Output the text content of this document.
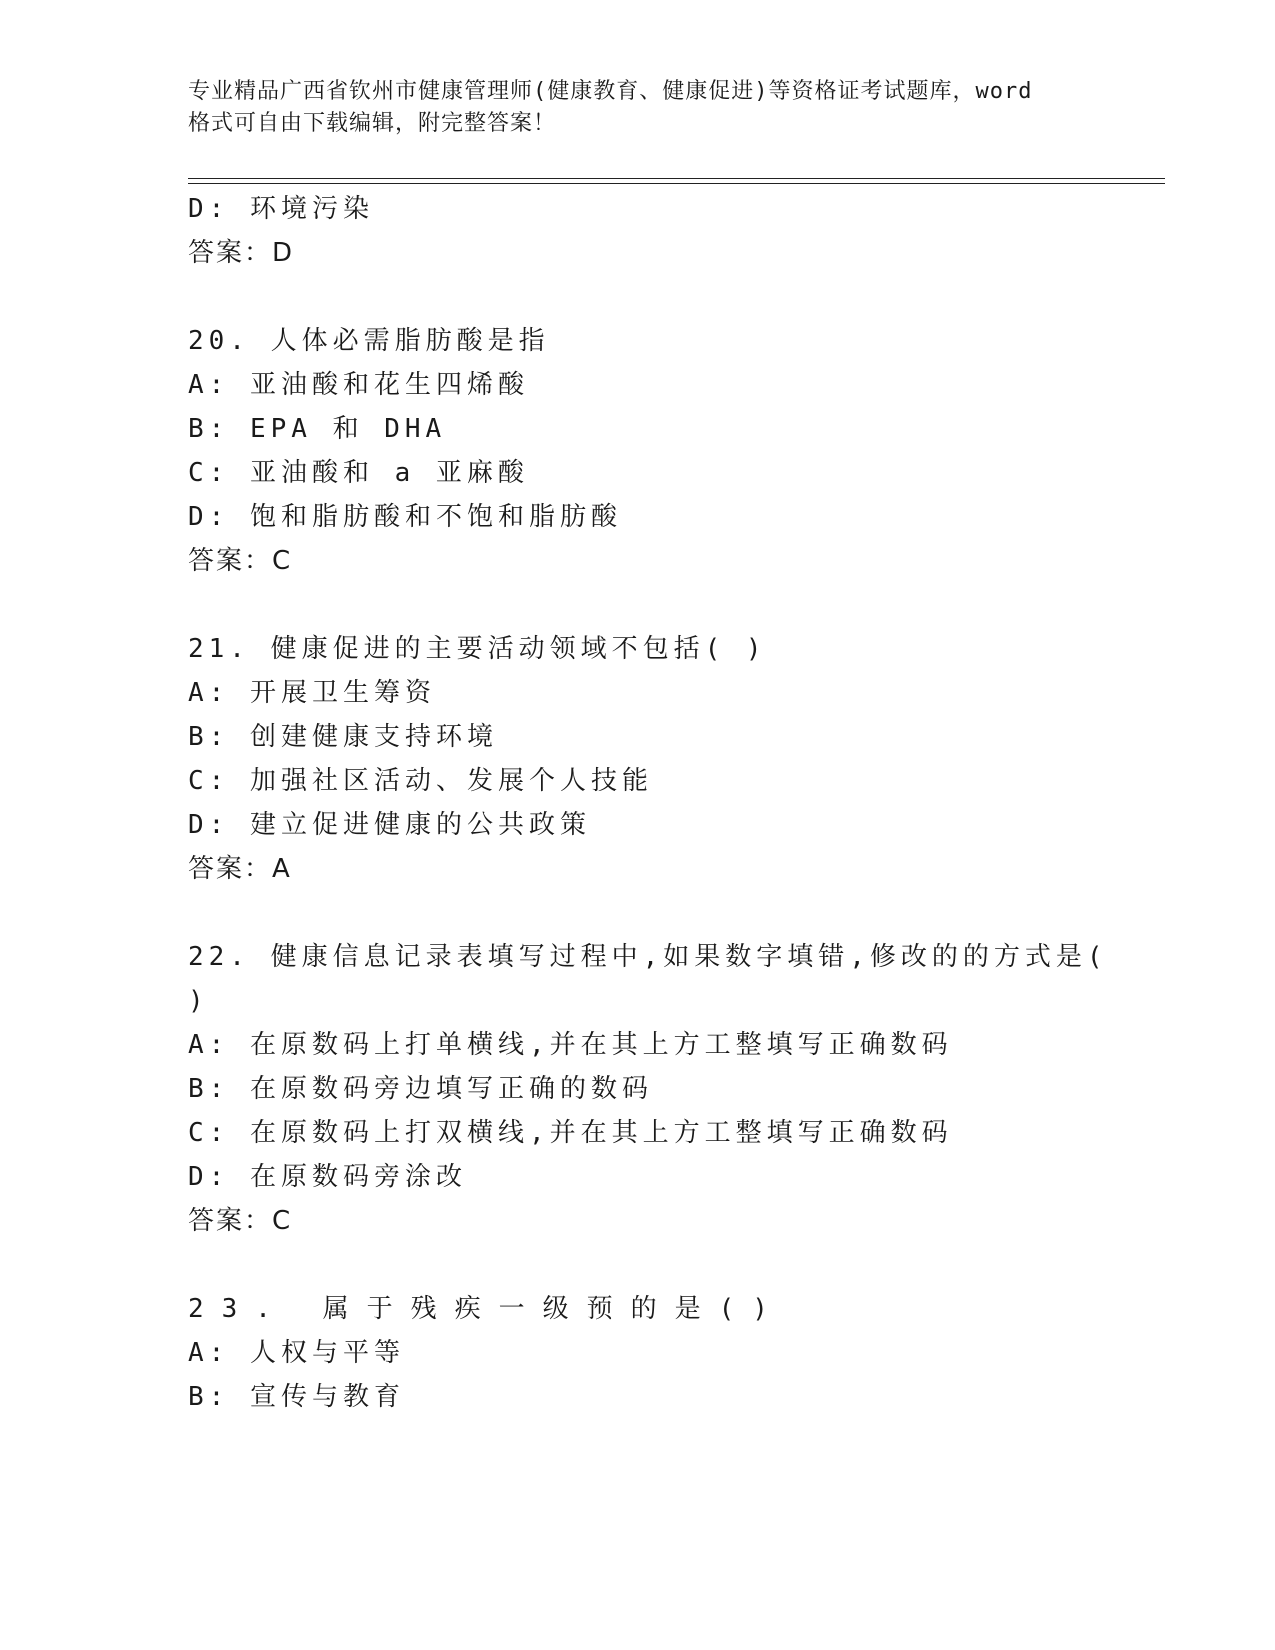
专业精品广西省钦州市健康管理师(健康教育、健康促进)等资格证考试题库，word
格式可自由下载编辑，附完整答案！
D: 环境污染
答案：D
20. 人体必需脂肪酸是指
A: 亚油酸和花生四烯酸
B: EPA 和 DHA
C: 亚油酸和 a 亚麻酸
D: 饱和脂肪酸和不饱和脂肪酸
答案：C
21. 健康促进的主要活动领域不包括( )
A: 开展卫生筹资
B: 创建健康支持环境
C: 加强社区活动、发展个人技能
D: 建立促进健康的公共政策
答案：A
22. 健康信息记录表填写过程中,如果数字填错,修改的的方式是(
)
A: 在原数码上打单横线,并在其上方工整填写正确数码
B: 在原数码旁边填写正确的数码
C: 在原数码上打双横线,并在其上方工整填写正确数码
D: 在原数码旁涂改
答案：C
23. 属于残疾一级预的是()
A: 人权与平等
B: 宣传与教育
